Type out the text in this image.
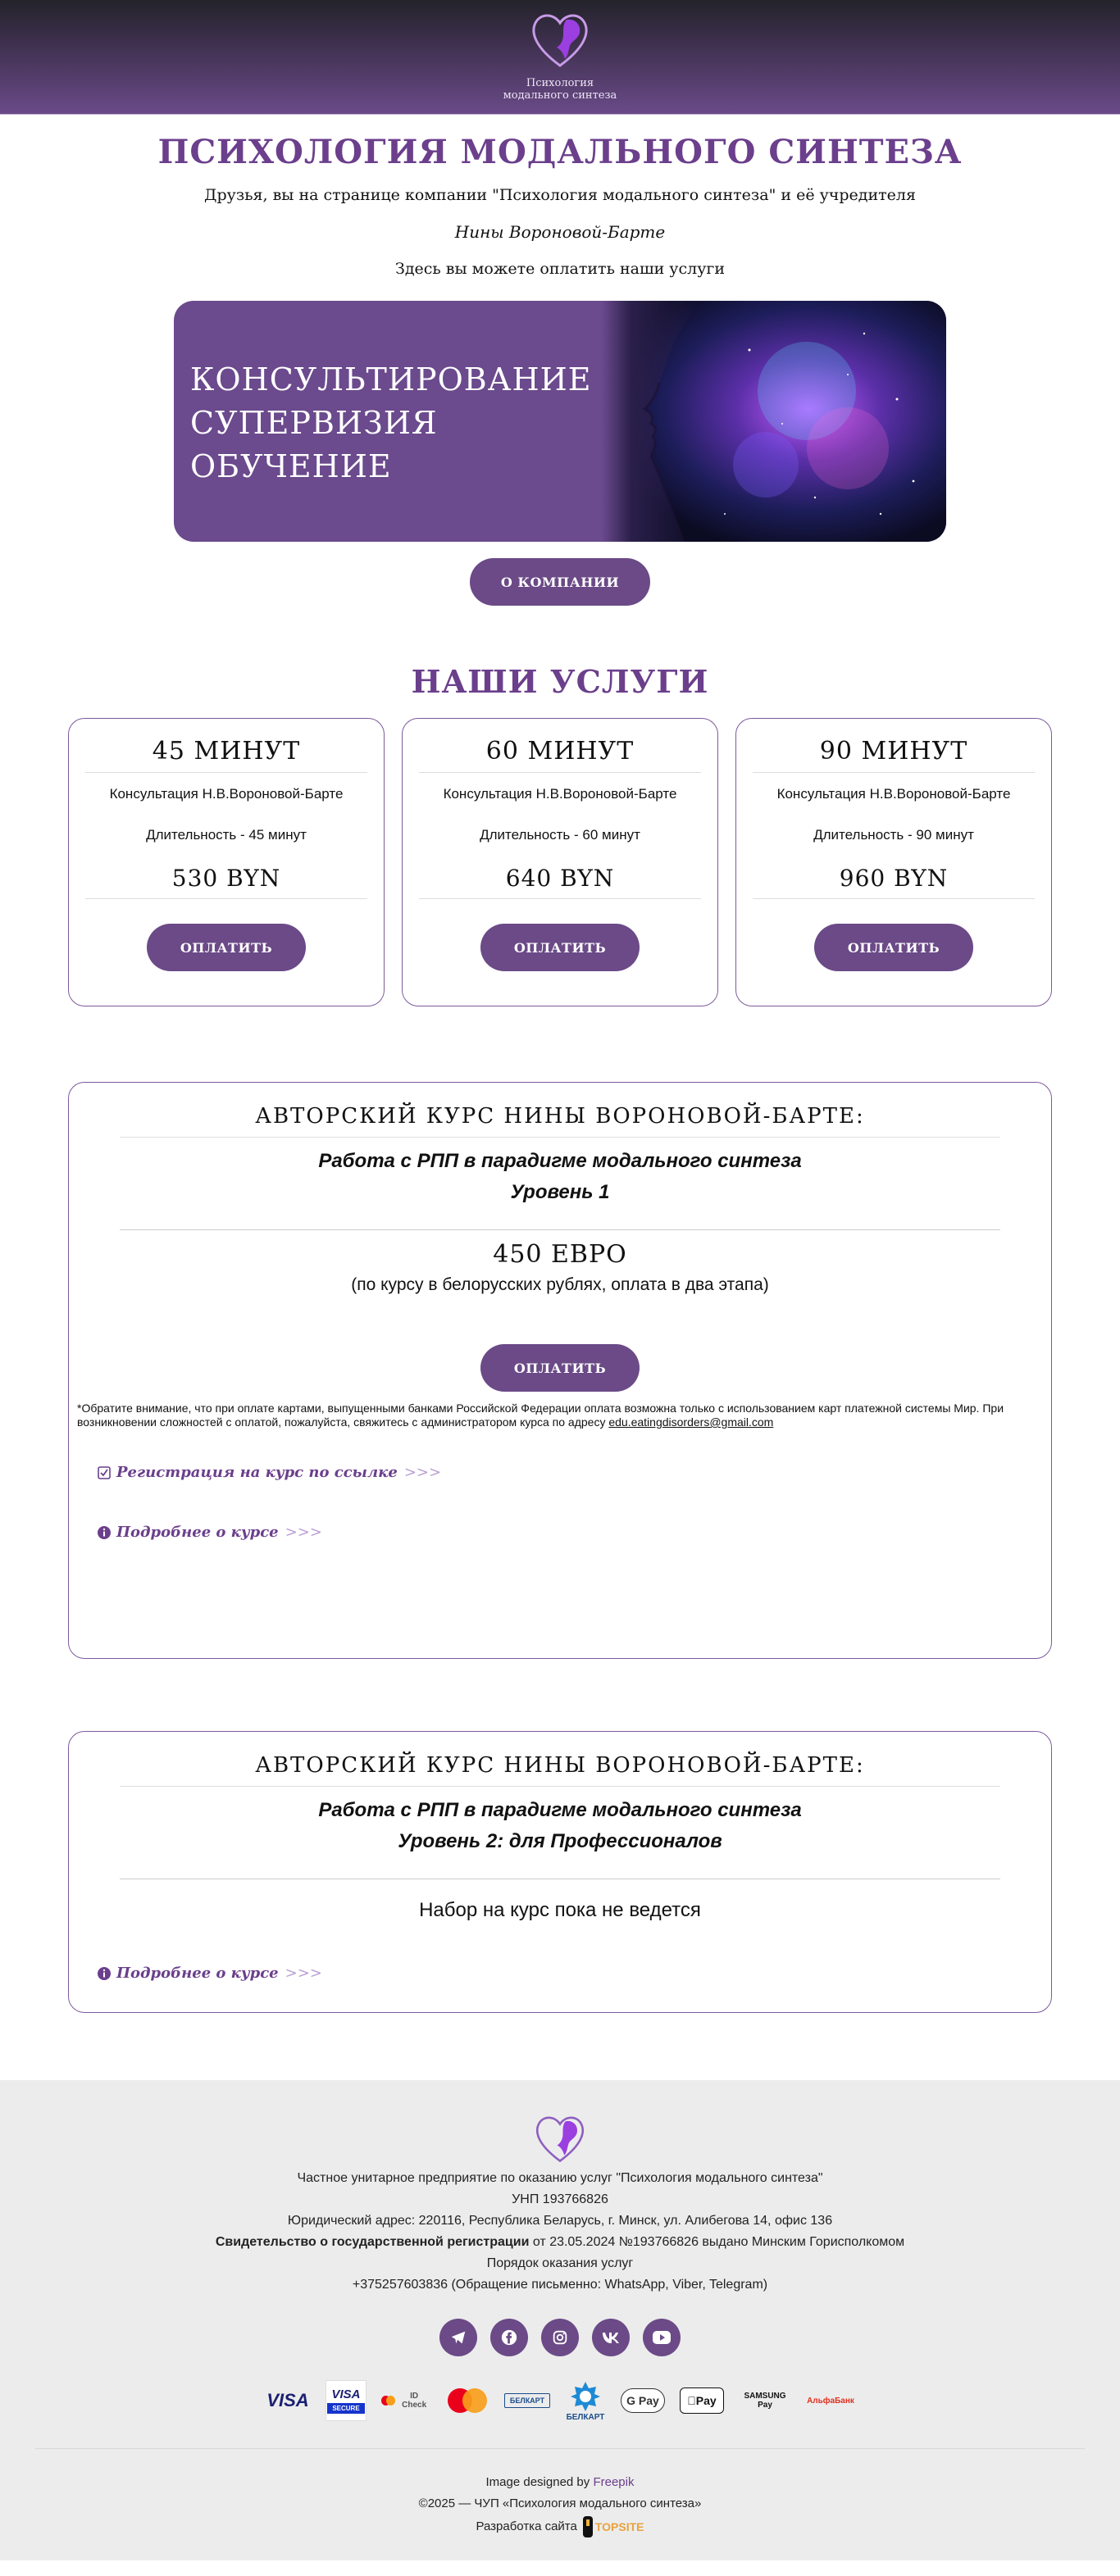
Психология
модального синтеза
ПСИХОЛОГИЯ МОДАЛЬНОГО СИНТЕЗА

Друзья, вы на странице компании "Психология модального синтеза" и её учредителя

Нины Вороновой-Барте

Здесь вы можете оплатить наши услуги

КОНСУЛЬТИРОВАНИЕ
СУПЕРВИЗИЯ
ОБУЧЕНИЕ
О КОМПАНИИ
НАШИ УСЛУГИ
45 МИНУТ
Консультация Н.В.Вороновой-Барте
Длительность - 45 минут
530 BYN
ОПЛАТИТЬ
60 МИНУТ
Консультация Н.В.Вороновой-Барте
Длительность - 60 минут
640 BYN
ОПЛАТИТЬ
90 МИНУТ
Консультация Н.В.Вороновой-Барте
Длительность - 90 минут
960 BYN
ОПЛАТИТЬ
АВТОРСКИЙ КУРС НИНЫ ВОРОНОВОЙ-БАРТЕ:
Работа с РПП в парадигме модального синтеза
Уровень 1
450 ЕВРО
(по курсу в белорусских рублях, оплата в два этапа)
ОПЛАТИТЬ

*Обратите внимание, что при оплате картами, выпущенными банками Российской Федерации оплата возможна только с использованием карт платежной системы Мир. При возникновении сложностей с оплатой, пожалуйста, свяжитесь с администратором курса по адресу edu.eatingdisorders@gmail.com

Регистрация на курс по ссылке >>>
Подробнее о курсе >>>
АВТОРСКИЙ КУРС НИНЫ ВОРОНОВОЙ-БАРТЕ:
Работа с РПП в парадигме модального синтеза
Уровень 2: для Профессионалов
Набор на курс пока не ведется
Подробнее о курсе >>>
Частное унитарное предприятие по оказанию услуг "Психология модального синтеза"
УНП 193766826
Юридический адрес: 220116, Республика Беларусь, г. Минск, ул. Алибегова 14, офис 136
Свидетельство о государственной регистрации от 23.05.2024 №193766826 выдано Минским Горисполкомом
Порядок оказания услуг
+375257603836 (Обращение письменно: WhatsApp, Viber, Telegram)
VISA VISA
SECURE
ID Check	БЕЛКАРТ
БЕЛКАРТ
G Pay	Pay	SAMSUNG Pay	АльфаБанк
Image designed by Freepik
©2025 — ЧУП «Психология модального синтеза»
Разработка сайта TOPSITE
